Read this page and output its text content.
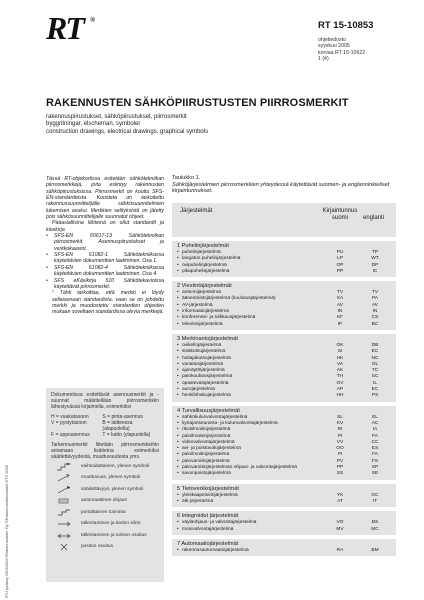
RT ®	RT 15-10853
ohjetiedosto
syyskuu 2005
korvaa RT 15-10622
1 (4)
RAKENNUSTEN SÄHKÖPIIRUSTUSTEN PIIRROSMERKIT
rakennuspiirustukset, sähköpiirustukset, piirrosmerkit
byggritningar, elscheman, symboler
construction drawings, electrical drawings, graphical symbols

Tässä RT-ohjekortissa esitetään sähkötekniikan piirrosmerkkejä, joita esiintyy rakennusten sähköpiirustuksissa. Piirrosmerkit on koottu SFS-EN-standardeista. Koosteta on tarkoitettu rakennussuunnittelijälle sähkösuunnitelmien lukemisen avuksi. Merkkien selityksistä on jätetty pois sähkösuunnittelijalle suunnatut ohjeet.

Pääasiallisina lähteinä on ollut standardit ja käsikirja

•	SFS-EN 60617-13 Sähkötekniikan piirrosmerkit. Asennuspiirustukset ja verkkokaaviot.
•	SFS-EN 61082-1 Sähkötekniikassa käytettävien dokumenttien laatiminen. Osa 1.
•	SFS-EN 61082-4 Sähkötekniikassa käytettävien dokumenttien laatiminen. Osa 4.
•	SFS eKäsikirja 510 Sähkötekavioissa käytettävät piirrosmerkit.

¹ Tähti tarkoittaa, että merkki ei löydy sellaisenaan standardista, vaan se on johdettu merkki ja muodostettu standardien ohjeiden mukaan soveltaen standardissa olevia merkkejä.

Dokumentissa esitettävät asennusmerkit ja -suunnat määritellään piirrosmerkkiin lähestyvässä kirjaimella, esimerkiksi
H = vaakatasoon	S = pinta-asennus
V = pystytasoon	B = laitteessa (alapuolella)
F = uppoasennus	T = katto (ylapuolella)
Tarkennusmerkit liitetään piirrosmerkkeihin antamaan lisätietoa esimerkiksi säädettävyydestä, muuttuvuudesta yms.
vaihtoidattainen, ylenen symboli
muuttuvuus, ylenen symboli
säädettävyys, ylenen symboli
automaattinen ohjaus
portaittainen toiminta
tallentaminen ja tiedon siirto
tallentaminen ja toiston osoitus
positon osoitus
Taulukko 1.
Sähköjärjestelmien piirrosmerkkien yhteydessä käytettävät suomen- ja englanninkieliset kirjaintunnukset.
Järjestelmät	Kirjaintunnus suomi	englanti
1 Puhelinjärjestelmät
• puhelinjärjestelmä	PU	TP
• langaton puhelinjärjestelmä	LP	WT
• ovipuhelinjärjestelmä	OP	DP
• pikapuhelinjärjestelmä	PP	IC
2 Viestintäjärjestelmät
• antennijärjestelmä	TV	TV
• äänentoistojärjestelmä (kuulutusjärjestelmä)	XA	PA
• AV-järjestelmä	AV	AV
• informaatiojärjestelmä	IN	IN
• konferenssi- ja tulkkausjärjestelmä	KF	CS
• televisiojärjestelmä	IP	BC
3 Merkinantojärjestelmät
• ovikellojärjestelmä	OK	DB
• sisäkutsujärjestelmä	SI	EC
• hoitajakutsujärjestelmä	HK	NC
• vanaitusjärjestelmä	VA	OL
• ajanäyttöjärjestelmä	AK	TC
• palokuulutusjärjestelmä	TH	SC
• opastevalojärjestelmä	OV	IL
• aurojärjestelmä	AP	EC
• henkilöhakujärjestelmä	HH	PS
4 Turvallisuusjärjestelmät
• sähkökulunvalvontajärjestelmä	SL	EL
• kyöajanseuranta- ja kulunvalvontajärjestelmä	KV	AC
• rikosilmoitinjärjestelmä	RI	IA
• paloilmaisinjärjestelmä	PI	FA
• videovalvontajärjestelmä	VV	CC
• avi- ja poistovalojärjestelmä	OO	ES
• paloilmoitinjärjestelmä	PI	FA
• palovaroitinjärjestelmä	PV	FS
• palovaroitinjärjestelmän ohjaus- ja valvontajärjestelmä	PP	SP
• savunpoistojärjestelmä	SS	SE
5 Tietoverkkojärjestelmät
• yleiskaapelointijärjestelmä	YK	GC
• atk-järjestelmä	AT	IT
6 Integroidut järjestelmät
• väyläohjaus- ja valvontajärjestelmä	VO	BS
• monivalvontajärjestelmä	MV	MC
7 Automaatiojärjestelmät
• rakennusautomaatiojärjestelmä	RA	BM
RT-hyväksy 2005/2007/Rakennustieto Oy ©Rakennustietosäätiö RTS 2005
